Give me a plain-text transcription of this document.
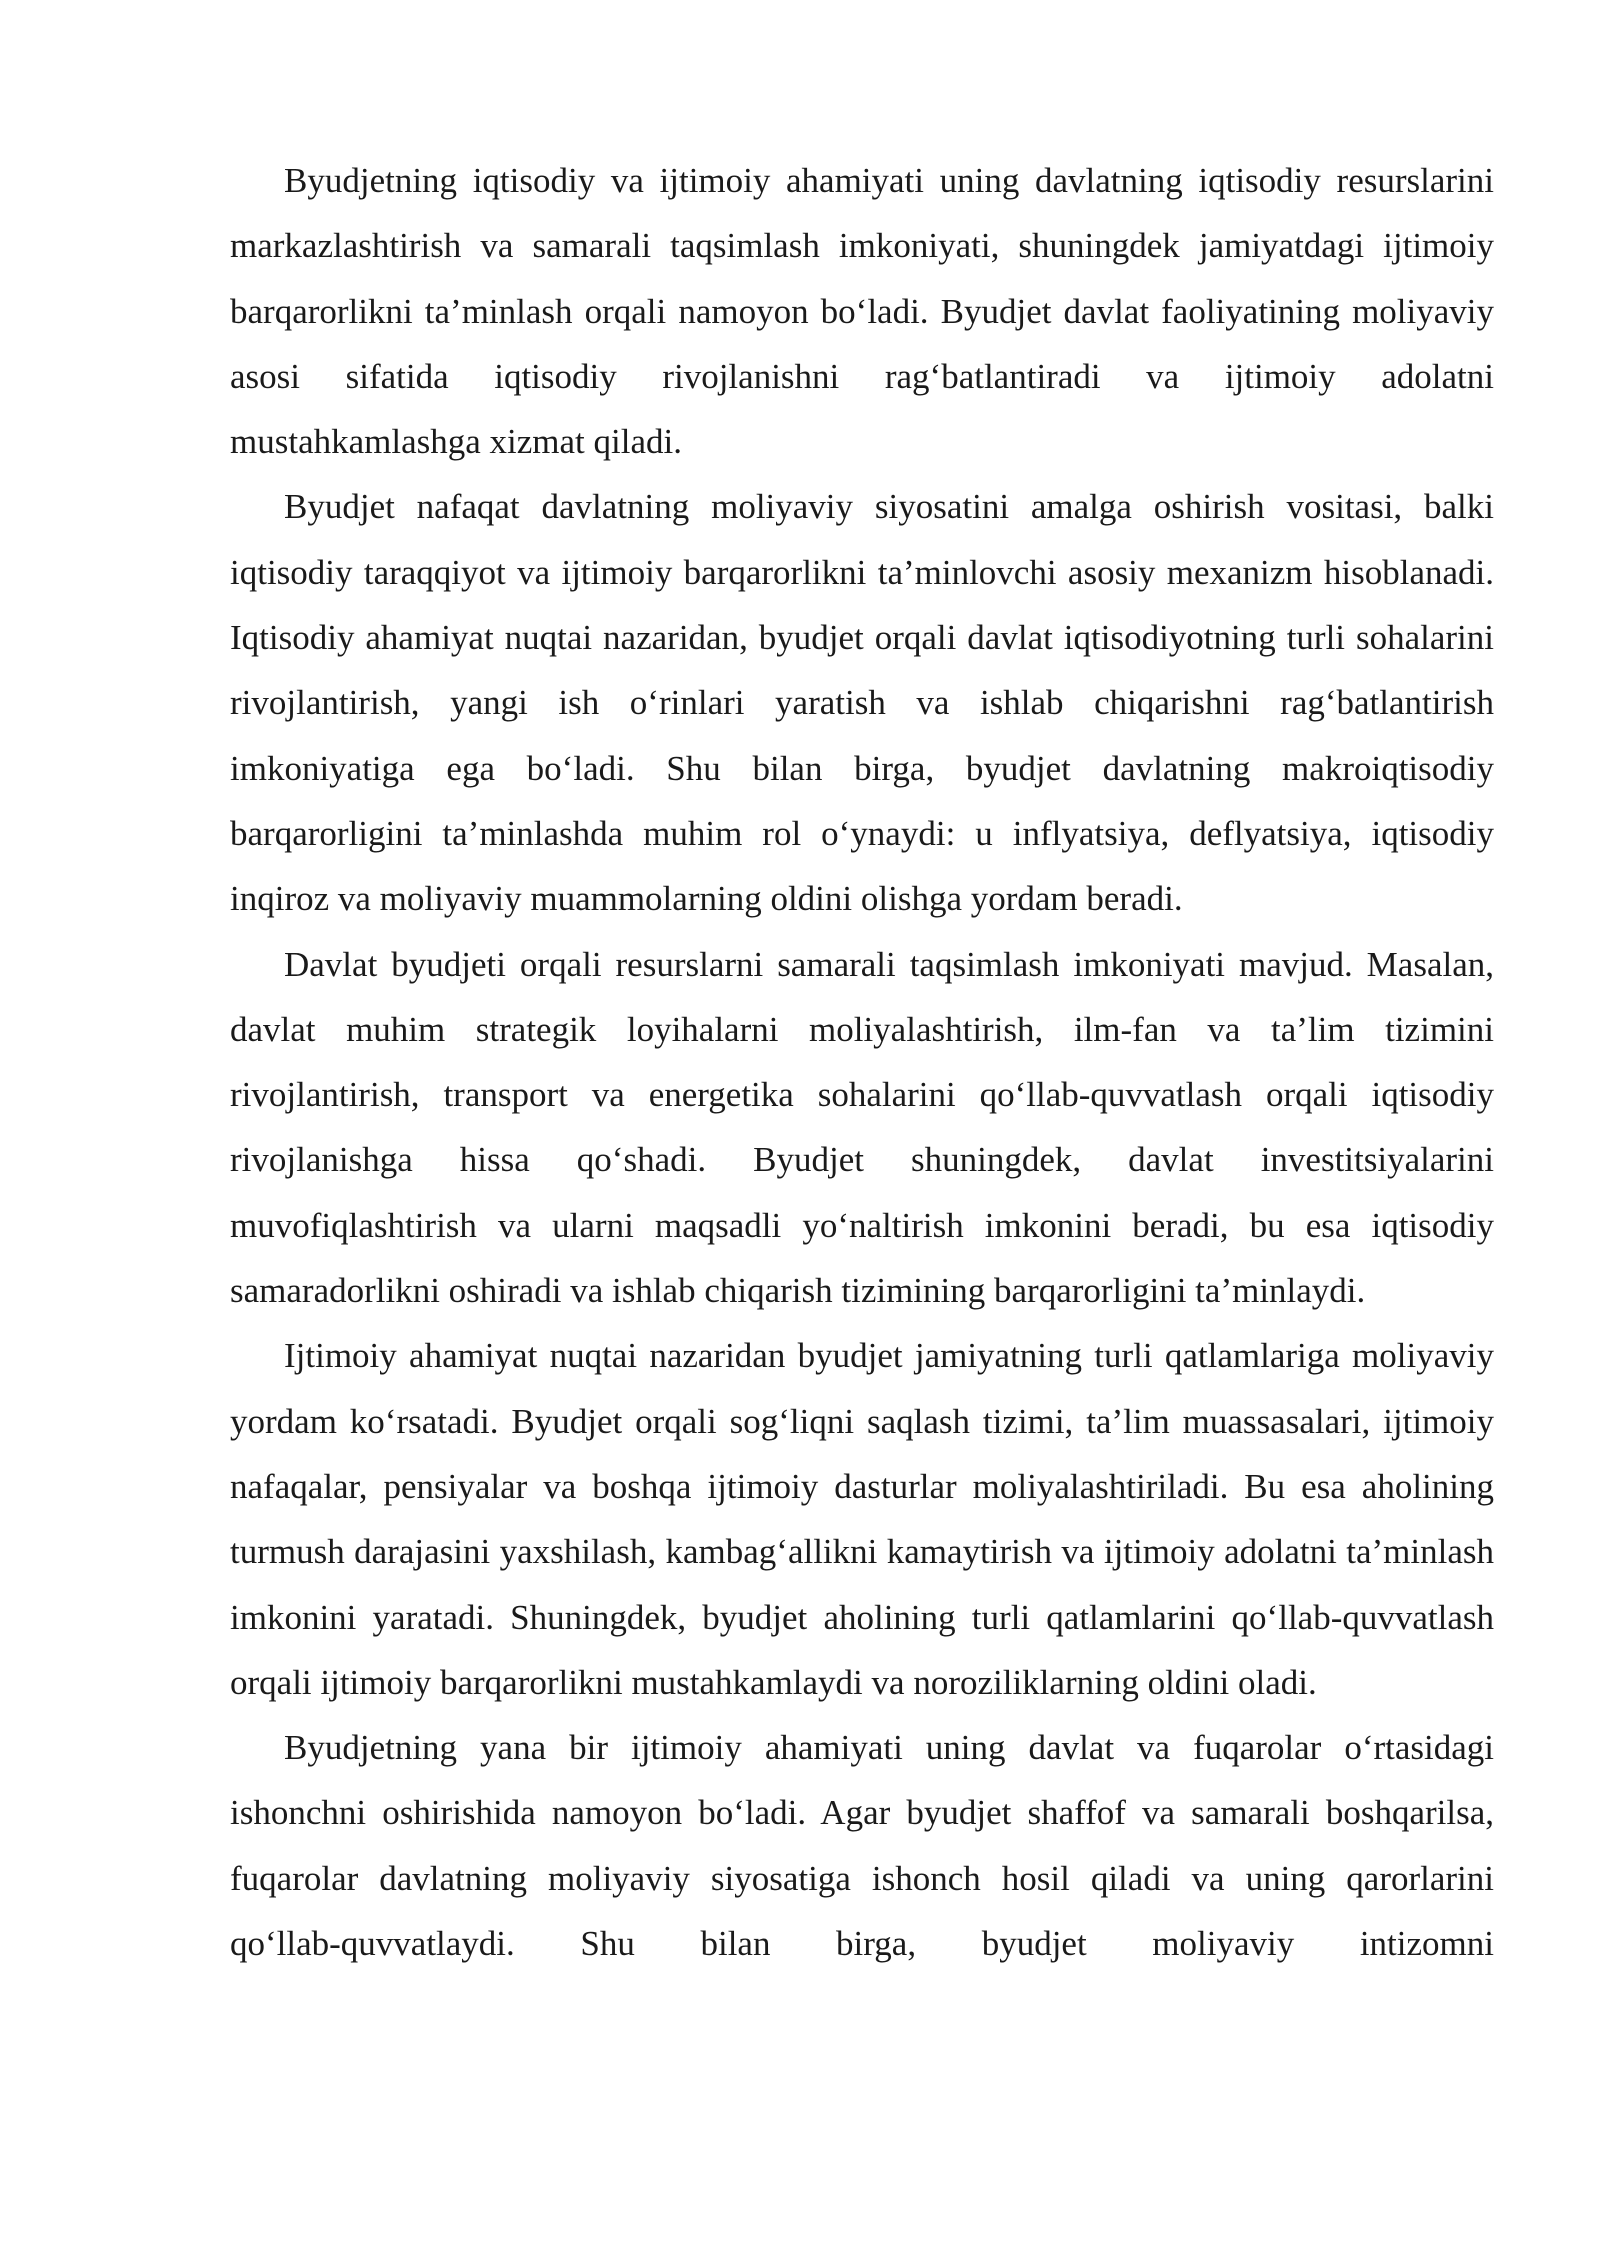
Byudjetning iqtisodiy va ijtimoiy ahamiyati uning davlatning iqtisodiy resurslarini markazlashtirish va samarali taqsimlash imkoniyati, shuningdek jamiyatdagi ijtimoiy barqarorlikni ta’minlash orqali namoyon bo‘ladi. Byudjet davlat faoliyatining moliyaviy asosi sifatida iqtisodiy rivojlanishni rag‘batlantiradi va ijtimoiy adolatni mustahkamlashga xizmat qiladi.

Byudjet nafaqat davlatning moliyaviy siyosatini amalga oshirish vositasi, balki iqtisodiy taraqqiyot va ijtimoiy barqarorlikni ta’minlovchi asosiy mexanizm hisoblanadi. Iqtisodiy ahamiyat nuqtai nazaridan, byudjet orqali davlat iqtisodiyotning turli sohalarini rivojlantirish, yangi ish o‘rinlari yaratish va ishlab chiqarishni rag‘batlantirish imkoniyatiga ega bo‘ladi. Shu bilan birga, byudjet davlatning makroiqtisodiy barqarorligini ta’minlashda muhim rol o‘ynaydi: u inflyatsiya, deflyatsiya, iqtisodiy inqiroz va moliyaviy muammolarning oldini olishga yordam beradi.

Davlat byudjeti orqali resurslarni samarali taqsimlash imkoniyati mavjud. Masalan, davlat muhim strategik loyihalarni moliyalashtirish, ilm-fan va ta’lim tizimini rivojlantirish, transport va energetika sohalarini qo‘llab-quvvatlash orqali iqtisodiy rivojlanishga hissa qo‘shadi. Byudjet shuningdek, davlat investitsiyalarini muvofiqlashtirish va ularni maqsadli yo‘naltirish imkonini beradi, bu esa iqtisodiy samaradorlikni oshiradi va ishlab chiqarish tizimining barqarorligini ta’minlaydi.

Ijtimoiy ahamiyat nuqtai nazaridan byudjet jamiyatning turli qatlamlariga moliyaviy yordam ko‘rsatadi. Byudjet orqali sog‘liqni saqlash tizimi, ta’lim muassasalari, ijtimoiy nafaqalar, pensiyalar va boshqa ijtimoiy dasturlar moliyalashtiriladi. Bu esa aholining turmush darajasini yaxshilash, kambag‘allikni kamaytirish va ijtimoiy adolatni ta’minlash imkonini yaratadi. Shuningdek, byudjet aholining turli qatlamlarini qo‘llab-quvvatlash orqali ijtimoiy barqarorlikni mustahkamlaydi va noroziliklarning oldini oladi.

Byudjetning yana bir ijtimoiy ahamiyati uning davlat va fuqarolar o‘rtasidagi ishonchni oshirishida namoyon bo‘ladi. Agar byudjet shaffof va samarali boshqarilsa, fuqarolar davlatning moliyaviy siyosatiga ishonch hosil qiladi va uning qarorlarini qo‘llab-quvvatlaydi. Shu bilan birga, byudjet moliyaviy intizomni
